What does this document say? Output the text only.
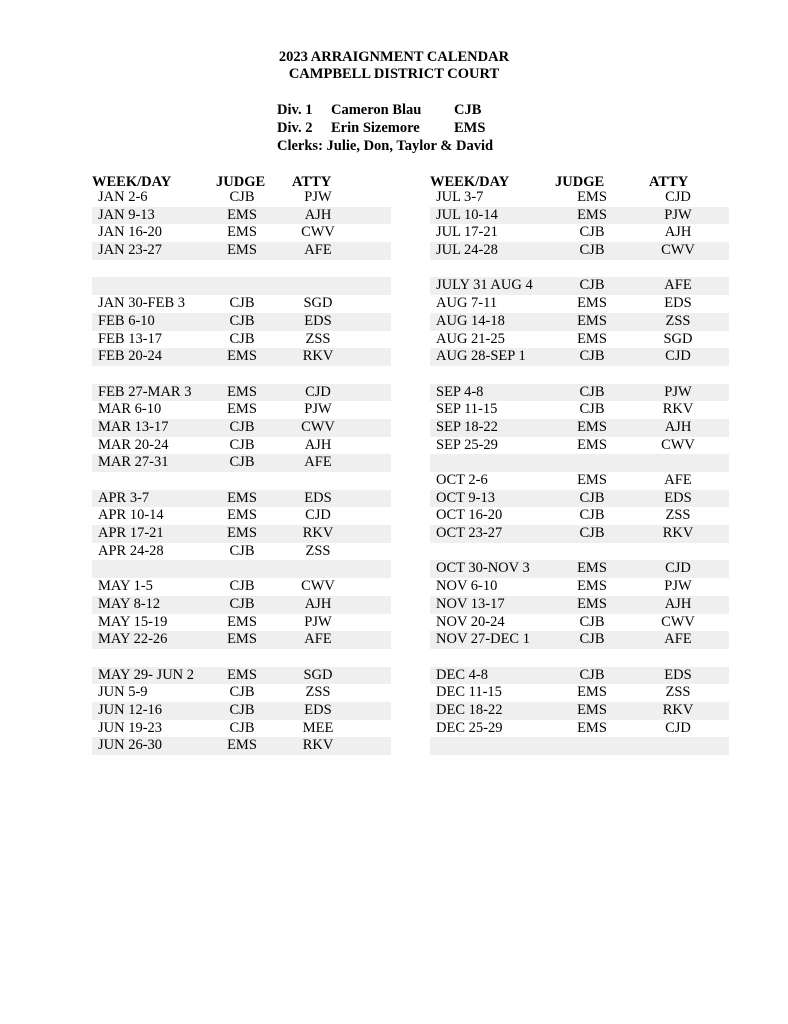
2023 ARRAIGNMENT CALENDAR
CAMPBELL DISTRICT COURT
Div. 1	Cameron Blau	CJB
Div. 2	Erin Sizemore	EMS
Clerks: Julie, Don, Taylor & David
WEEK/DAY	JUDGE ATTY	WEEK/DAY	JUDGE	ATTY
JAN 2-6	CJB	PJW
JAN 9-13	EMS	AJH
JAN 16-20	EMS	CWV
JAN 23-27	EMS	AFE
JAN 30-FEB 3	CJB	SGD
FEB 6-10	CJB	EDS
FEB 13-17	CJB	ZSS
FEB 20-24	EMS	RKV
FEB 27-MAR 3	EMS	CJD
MAR 6-10	EMS	PJW
MAR 13-17	CJB	CWV
MAR 20-24	CJB	AJH
MAR 27-31	CJB	AFE
APR 3-7	EMS	EDS
APR 10-14	EMS	CJD
APR 17-21	EMS	RKV
APR 24-28	CJB	ZSS
MAY 1-5	CJB	CWV
MAY 8-12	CJB	AJH
MAY 15-19	EMS	PJW
MAY 22-26	EMS	AFE
MAY 29- JUN 2	EMS	SGD
JUN 5-9	CJB	ZSS
JUN 12-16	CJB	EDS
JUN 19-23	CJB	MEE
JUN 26-30	EMS	RKV
JUL 3-7	EMS	CJD
JUL 10-14	EMS	PJW
JUL 17-21	CJB	AJH
JUL 24-28	CJB	CWV
JULY 31 AUG 4	CJB	AFE
AUG 7-11	EMS	EDS
AUG 14-18	EMS	ZSS
AUG 21-25	EMS	SGD
AUG 28-SEP 1	CJB	CJD
SEP 4-8	CJB	PJW
SEP 11-15	CJB	RKV
SEP 18-22	EMS	AJH
SEP 25-29	EMS	CWV
OCT 2-6	EMS	AFE
OCT 9-13	CJB	EDS
OCT 16-20	CJB	ZSS
OCT 23-27	CJB	RKV
OCT 30-NOV 3	EMS	CJD
NOV 6-10	EMS	PJW
NOV 13-17	EMS	AJH
NOV 20-24	CJB	CWV
NOV 27-DEC 1	CJB	AFE
DEC 4-8	CJB	EDS
DEC 11-15	EMS	ZSS
DEC 18-22	EMS	RKV
DEC 25-29	EMS	CJD
